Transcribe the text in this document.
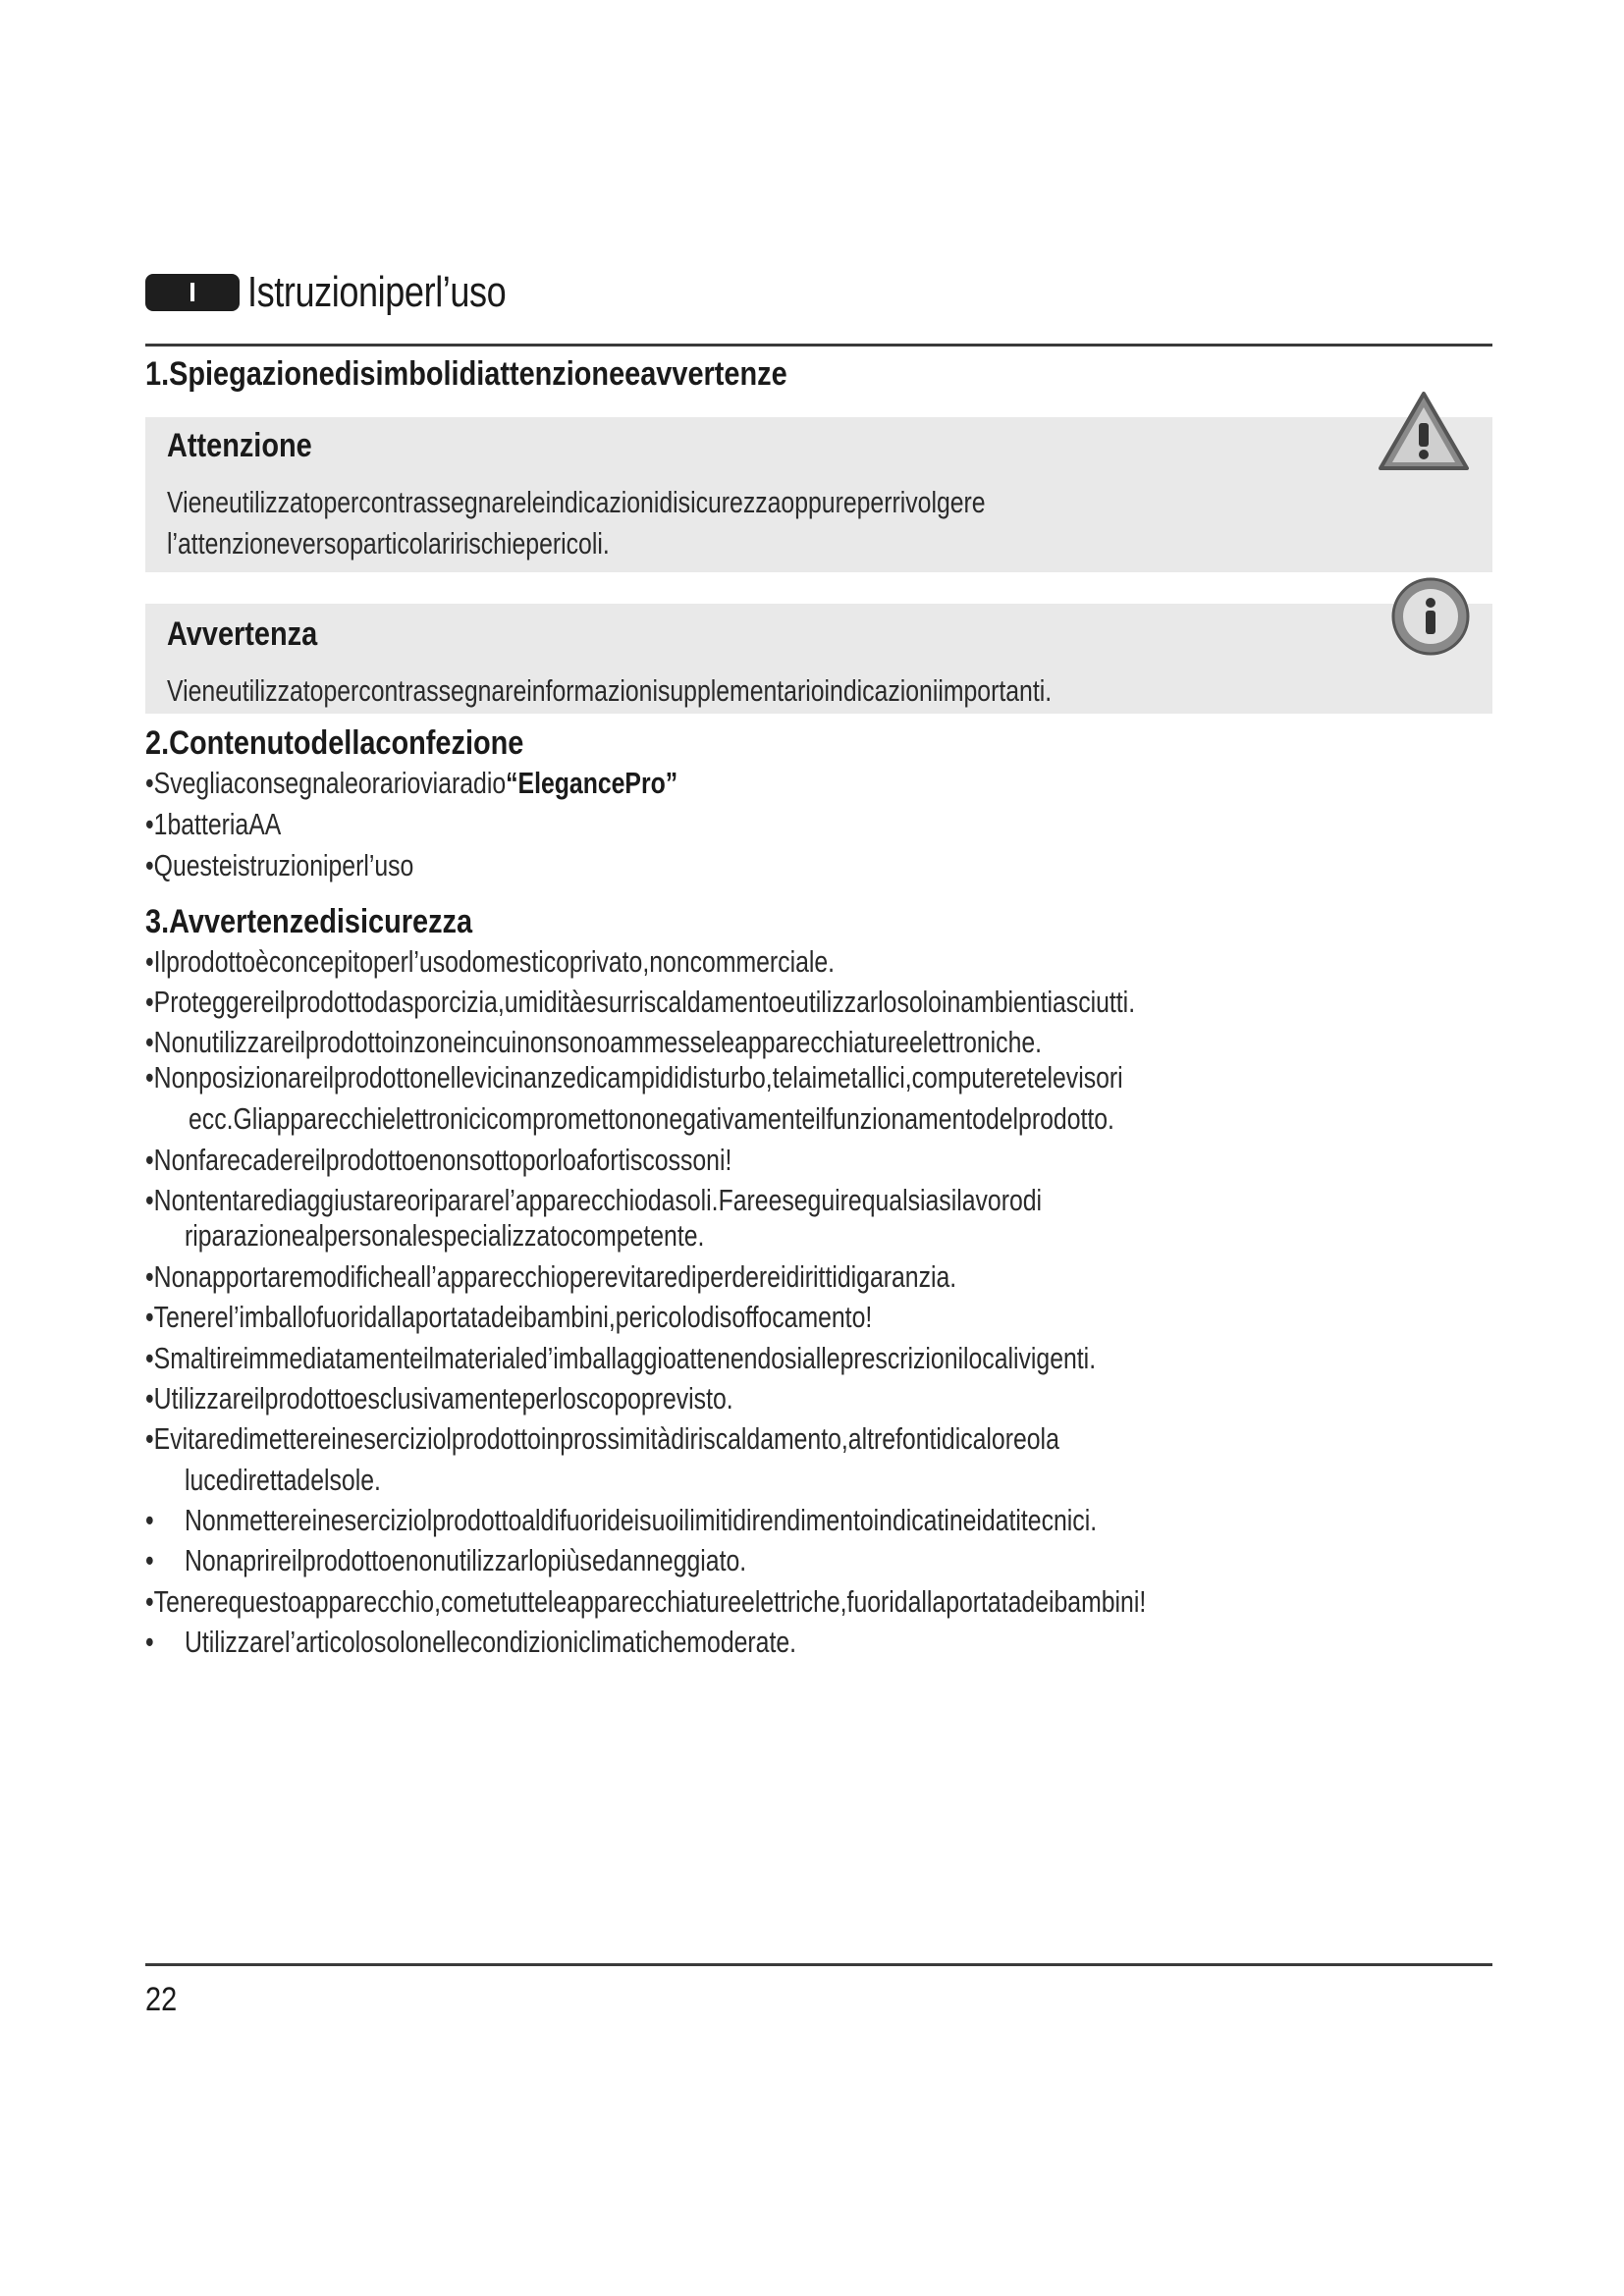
I	Istruzioniperl’uso
1.Spiegazionedisimbolidiattenzioneeavvertenze
Attenzione
Vieneutilizzatopercontrassegnareleindicazionidisicurezzaoppureperrivolgere
l’attenzioneversoparticolaririschiepericoli.
Avvertenza
Vieneutilizzatopercontrassegnareinformazionisupplementarioindicazioniimportanti.
2.Contenutodellaconfezione
•Svegliaconsegnaleorarioviaradio“ElegancePro”
•1batteriaAA
•Questeistruzioniperl’uso
3.Avvertenzedisicurezza
•Ilprodottoèconcepitoperl’usodomesticoprivato,noncommerciale.
•Proteggereilprodottodasporcizia,umiditàesurriscaldamentoeutilizzarlosoloinambientiasciutti.
•Nonutilizzareilprodottoinzoneincuinonsonoammesseleapparecchiatureelettroniche.
•Nonposizionareilprodottonellevicinanzedicampididisturbo,telaimetallici,computeretelevisori
ecc.Gliapparecchielettronicicompromettononegativamenteilfunzionamentodelprodotto.
•Nonfarecadereilprodottoenonsottoporloafortiscossoni!
•Nontentarediaggiustareoripararel’apparecchiodasoli.Fareeseguirequalsiasilavorodi
riparazionealpersonalespecializzatocompetente.
•Nonapportaremodificheall’apparecchioperevitarediperdereidirittidigaranzia.
•Tenerel’imballofuoridallaportatadeibambini,pericolodisoffocamento!
•Smaltireimmediatamenteilmaterialed’imballaggioattenendosialleprescrizionilocalivigenti.
•Utilizzareilprodottoesclusivamenteperloscopoprevisto.
•Evitaredimettereineserciziolprodottoinprossimitàdiriscaldamento,altrefontidicaloreola
lucedirettadelsole.
• Nonmettereineserciziolprodottoaldifuorideisuoilimitidirendimentoindicatineidatitecnici.
• Nonaprireilprodottoenonutilizzarlopiùsedanneggiato.
•Tenerequestoapparecchio,cometutteleapparecchiatureelettriche,fuoridallaportatadeibambini!
• Utilizzarel’articolosolonellecondizioniclimatichemoderate.
22
